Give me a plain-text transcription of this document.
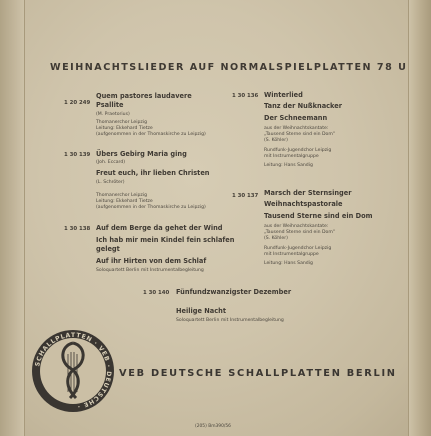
WEIHNACHTSLIEDER AUF NORMALSPIELPLATTEN 78 U
1 20 249
Quem pastores laudavere
Psallite
(M. Praetorius)
Thomanerchor Leipzig
Leitung: Ekkehard Tietze
(aufgenommen in der Thomaskirche zu Leipzig)
1 30 139 Übers Gebirg Maria ging
(Joh. Eccard)
Freut euch, ihr lieben Christen
(L. Schröter)
Thomanerchor Leipzig
Leitung: Ekkehard Tietze
(aufgenommen in der Thomaskirche zu Leipzig)
1 30 138 Auf dem Berge da gehet der Wind
Ich hab mir mein Kindel fein schlafen
gelegt
Auf ihr Hirten von dem Schlaf
Soloquartett Berlin mit Instrumentalbegleitung
1 30 136 Winterlied
Tanz der Nußknacker
Der Schneemann
aus der Weihnachtskantate:
„Tausend Sterne sind ein Dom"
(S. Köhler)
Rundfunk-Jugendchor Leipzig
mit Instrumentalgruppe
Leitung: Hans Sandig
1 30 137 Marsch der Sternsinger
Weihnachtspastorale
Tausend Sterne sind ein Dom
aus der Weihnachtskantate:
„Tausend Sterne sind ein Dom"
(S. Köhler)
Rundfunk-Jugendchor Leipzig
mit Instrumentalgruppe
Leitung: Hans Sandig
1 30 140 Fünfundzwanzigster Dezember
Heilige Nacht
Soloquartett Berlin mit Instrumentalbegleitung
SCHALLPLATTEN · VEB · DEUTSCHE ·
VEB DEUTSCHE SCHALLPLATTEN BERLIN
(205) Bm390/56
